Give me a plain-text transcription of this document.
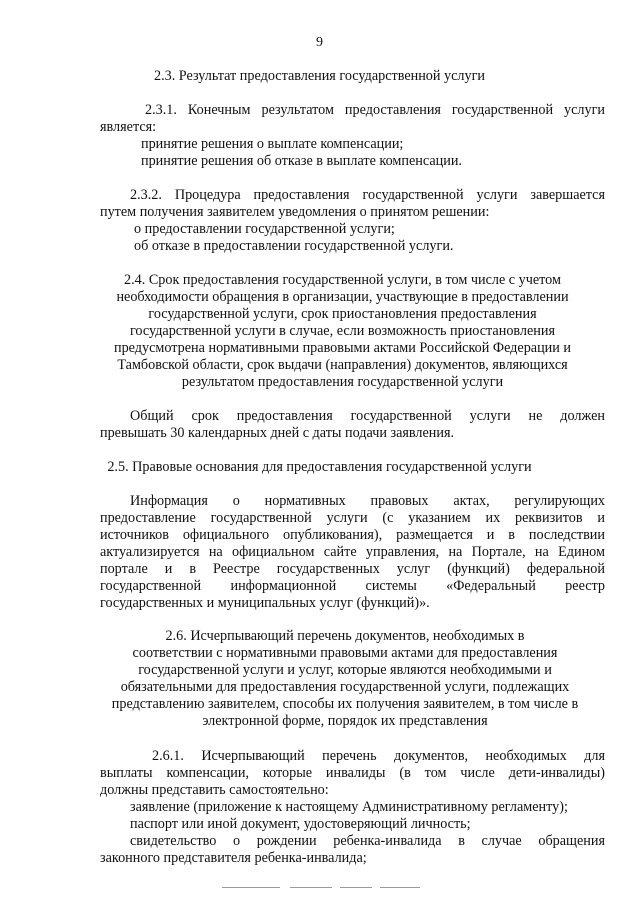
9
2.3. Результат предоставления государственной услуги
2.3.1. Конечным результатом предоставления государственной услуги
является:
принятие решения о выплате компенсации;
принятие решения об отказе в выплате компенсации.
2.3.2. Процедура предоставления государственной услуги завершается
путем получения заявителем уведомления о принятом решении:
о предоставлении государственной услуги;
об отказе в предоставлении государственной услуги.
2.4. Срок предоставления государственной услуги, в том числе с учетом
необходимости обращения в организации, участвующие в предоставлении
государственной услуги, срок приостановления предоставления
государственной услуги в случае, если возможность приостановления
предусмотрена нормативными правовыми актами Российской Федерации и
Тамбовской области, срок выдачи (направления) документов, являющихся
результатом предоставления государственной услуги
Общий срок предоставления государственной услуги не должен
превышать 30 календарных дней с даты подачи заявления.
2.5. Правовые основания для предоставления государственной услуги
Информация о нормативных правовых актах, регулирующих
предоставление государственной услуги (с указанием их реквизитов и
источников официального опубликования), размещается и в последствии
актуализируется на официальном сайте управления, на Портале, на Едином
портале и в Реестре государственных услуг (функций) федеральной
государственной информационной системы «Федеральный реестр
государственных и муниципальных услуг (функций)».
2.6. Исчерпывающий перечень документов, необходимых в
соответствии с нормативными правовыми актами для предоставления
государственной услуги и услуг, которые являются необходимыми и
обязательными для предоставления государственной услуги, подлежащих
представлению заявителем, способы их получения заявителем, в том числе в
электронной форме, порядок их представления
2.6.1. Исчерпывающий перечень документов, необходимых для
выплаты компенсации, которые инвалиды (в том числе дети-инвалиды)
должны представить самостоятельно:
заявление (приложение к настоящему Административному регламенту);
паспорт или иной документ, удостоверяющий личность;
свидетельство о рождении ребенка-инвалида в случае обращения
законного представителя ребенка-инвалида;
